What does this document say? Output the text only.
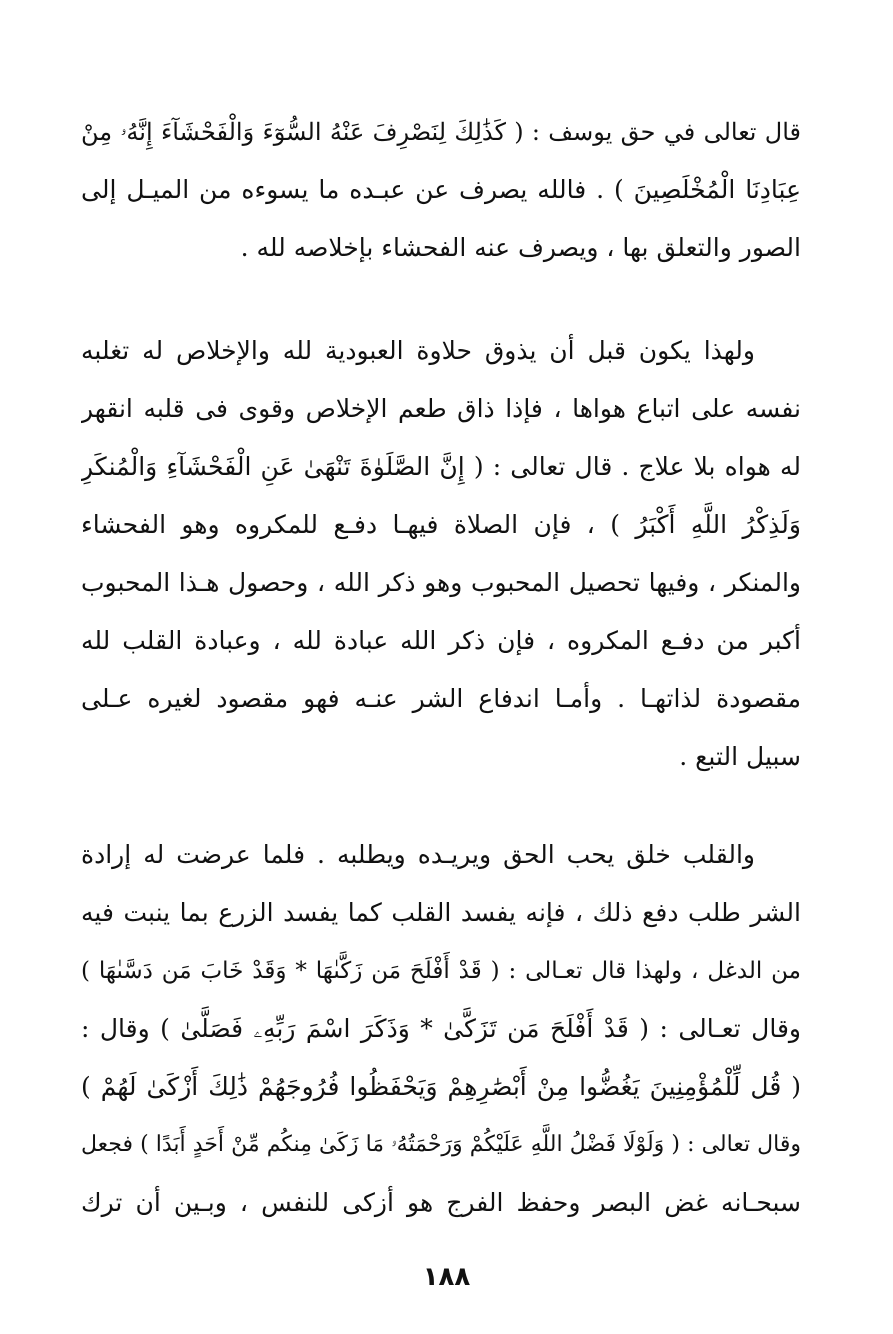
قال تعالى في حق يوسف : ( كَذَٰلِكَ لِنَصْرِفَ عَنْهُ السُّوٓءَ وَالْفَحْشَآءَ إِنَّهُۥ مِنْ
عِبَادِنَا الْمُخْلَصِينَ ) . فالله يصرف عن عبـده ما يسوءه من الميـل إلى
الصور والتعلق بها ، ويصرف عنه الفحشاء بإخلاصه لله .
ولهذا يكون قبل أن يذوق حلاوة العبودية لله والإخلاص له تغلبه
نفسه على اتباع هواها ، فإذا ذاق طعم الإخلاص وقوى فى قلبه انقهر
له هواه بلا علاج . قال تعالى : ( إِنَّ الصَّلَوٰةَ تَنْهَىٰ عَنِ الْفَحْشَآءِ وَالْمُنكَرِ
وَلَذِكْرُ اللَّهِ أَكْبَرُ ) ، فإن الصلاة فيهـا دفـع للمكروه وهو الفحشاء
والمنكر ، وفيها تحصيل المحبوب وهو ذكر الله ، وحصول هـذا المحبوب
أكبر من دفـع المكروه ، فإن ذكر الله عبادة لله ، وعبادة القلب لله
مقصودة لذاتهـا . وأمـا اندفاع الشر عنـه فهو مقصود لغيره عـلى
سبيل التبع .
والقلب خلق يحب الحق ويريـده ويطلبه . فلما عرضت له إرادة
الشر طلب دفع ذلك ، فإنه يفسد القلب كما يفسد الزرع بما ينبت فيه
من الدغل ، ولهذا قال تعـالى : ( قَدْ أَفْلَحَ مَن زَكَّىٰهَا * وَقَدْ خَابَ مَن دَسَّىٰهَا )
وقال تعـالى : ( قَدْ أَفْلَحَ مَن تَزَكَّىٰ * وَذَكَرَ اسْمَ رَبِّهِۦ فَصَلَّىٰ ) وقال :
( قُل لِّلْمُؤْمِنِينَ يَغُضُّوا مِنْ أَبْصَٰرِهِمْ وَيَحْفَظُوا فُرُوجَهُمْ ذَٰلِكَ أَزْكَىٰ لَهُمْ )
وقال تعالى : ( وَلَوْلَا فَضْلُ اللَّهِ عَلَيْكُمْ وَرَحْمَتُهُۥ مَا زَكَىٰ مِنكُم مِّنْ أَحَدٍ أَبَدًا ) فجعل
سبحـانه غض البصر وحفظ الفرج هو أزكى للنفس ، وبـين أن ترك
١٨٨
